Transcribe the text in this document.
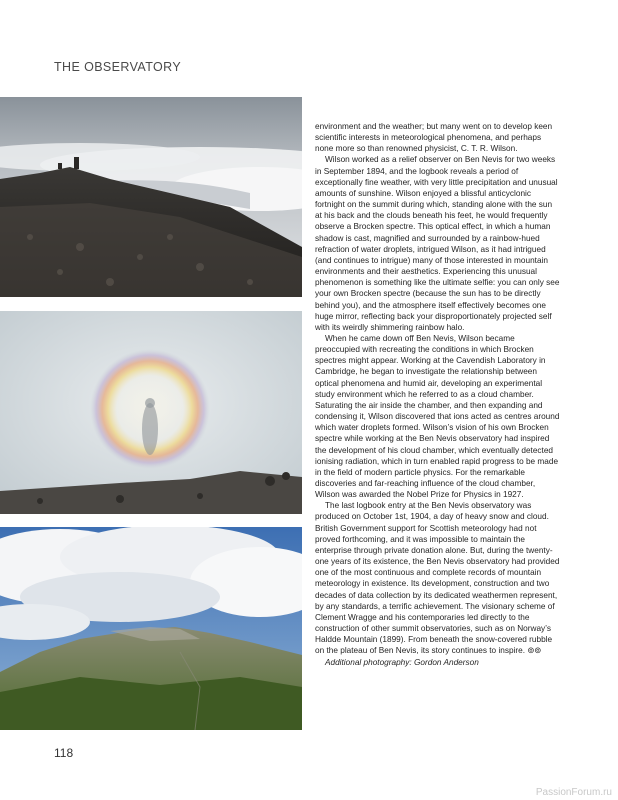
THE OBSERVATORY

environment and the weather; but many went on to develop keen scientific interests in meteorological phenomena, and perhaps none more so than renowned physicist, C. T. R. Wilson.

Wilson worked as a relief observer on Ben Nevis for two weeks in September 1894, and the logbook reveals a period of exceptionally fine weather, with very little precipitation and unusual amounts of sunshine. Wilson enjoyed a blissful anticyclonic fortnight on the summit during which, standing alone with the sun at his back and the clouds beneath his feet, he would frequently observe a Brocken spectre. This optical effect, in which a human shadow is cast, magnified and surrounded by a rainbow-hued refraction of water droplets, intrigued Wilson, as it had intrigued (and continues to intrigue) many of those interested in mountain environments and their aesthetics. Experiencing this unusual phenomenon is something like the ultimate selfie: you can only see your own Brocken spectre (because the sun has to be directly behind you), and the atmosphere itself effectively becomes one huge mirror, reflecting back your disproportionately projected self with its weirdly shimmering rainbow halo.

When he came down off Ben Nevis, Wilson became preoccupied with recreating the conditions in which Brocken spectres might appear. Working at the Cavendish Laboratory in Cambridge, he began to investigate the relationship between optical phenomena and humid air, developing an experimental study environment which he referred to as a cloud chamber. Saturating the air inside the chamber, and then expanding and condensing it, Wilson discovered that ions acted as centres around which water droplets formed. Wilson’s vision of his own Brocken spectre while working at the Ben Nevis observatory had inspired the development of his cloud chamber, which eventually detected ionising radiation, which in turn enabled rapid progress to be made in the field of modern particle physics. For the remarkable discoveries and far-reaching influence of the cloud chamber, Wilson was awarded the Nobel Prize for Physics in 1927.

The last logbook entry at the Ben Nevis observatory was produced on October 1st, 1904, a day of heavy snow and cloud. British Government support for Scottish meteorology had not proved forthcoming, and it was impossible to maintain the enterprise through private donation alone. But, during the twenty-one years of its existence, the Ben Nevis observatory had provided one of the most continuous and complete records of mountain meteorology in existence. Its development, construction and two decades of data collection by its dedicated weathermen represent, by any standards, a terrific achievement. The visionary scheme of Clement Wragge and his contemporaries led directly to the construction of other summit observatories, such as on Norway’s Haldde Mountain (1899). From beneath the snow-covered rubble on the plateau of Ben Nevis, its story continues to inspire. ⊚⊚

Additional photography: Gordon Anderson

118
PassionForum.ru
